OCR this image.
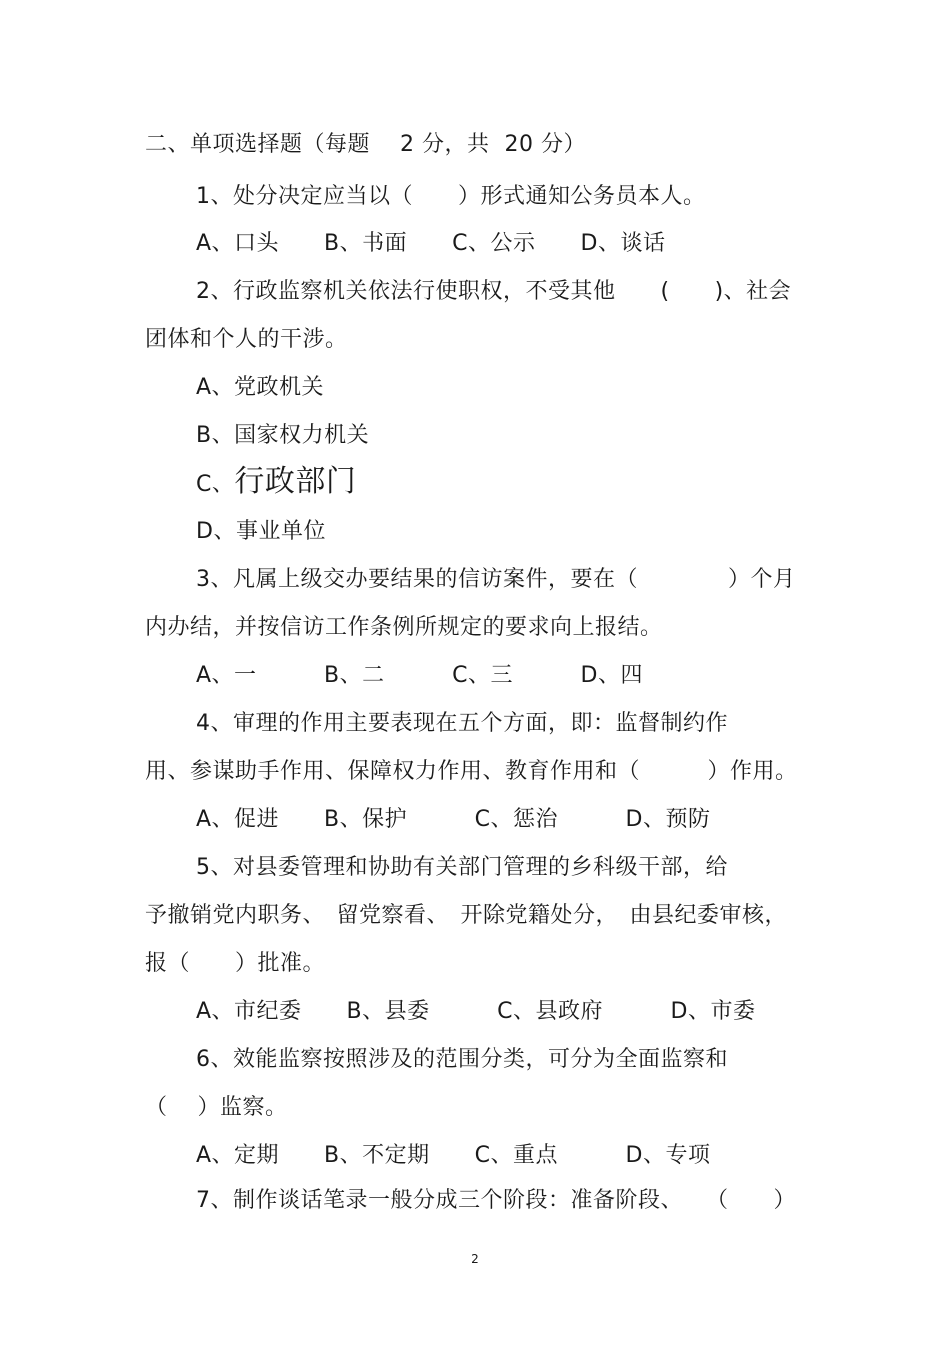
二、单项选择题（每题　 2 分，共  20 分）

1、处分决定应当以（　　）形式通知公务员本人。

A、口头　　B、书面　　C、公示　　D、谈话

2、行政监察机关依法行使职权，不受其他　　(　　)、社会

团体和个人的干涉。

A、党政机关

B、国家权力机关

C、行政部门

D、事业单位

3、凡属上级交办要结果的信访案件，要在（　　　　）个月

内办结，并按信访工作条例所规定的要求向上报结。

A、一　　　B、二　　　C、三　　　D、四

4、审理的作用主要表现在五个方面，即：监督制约作

用、参谋助手作用、保障权力作用、教育作用和（　　　）作用。

A、促进　　B、保护　　　C、惩治　　　D、预防

5、对县委管理和协助有关部门管理的乡科级干部，给

予撤销党内职务、　留党察看、　开除党籍处分，　由县纪委审核，

报（　　）批准。

A、市纪委　　B、县委　　　C、县政府　　　D、市委

6、效能监察按照涉及的范围分类，可分为全面监察和

（　 ）监察。

A、定期　　B、不定期　　C、重点　　　D、专项

7、制作谈话笔录一般分成三个阶段：准备阶段、　　（　　）

2
